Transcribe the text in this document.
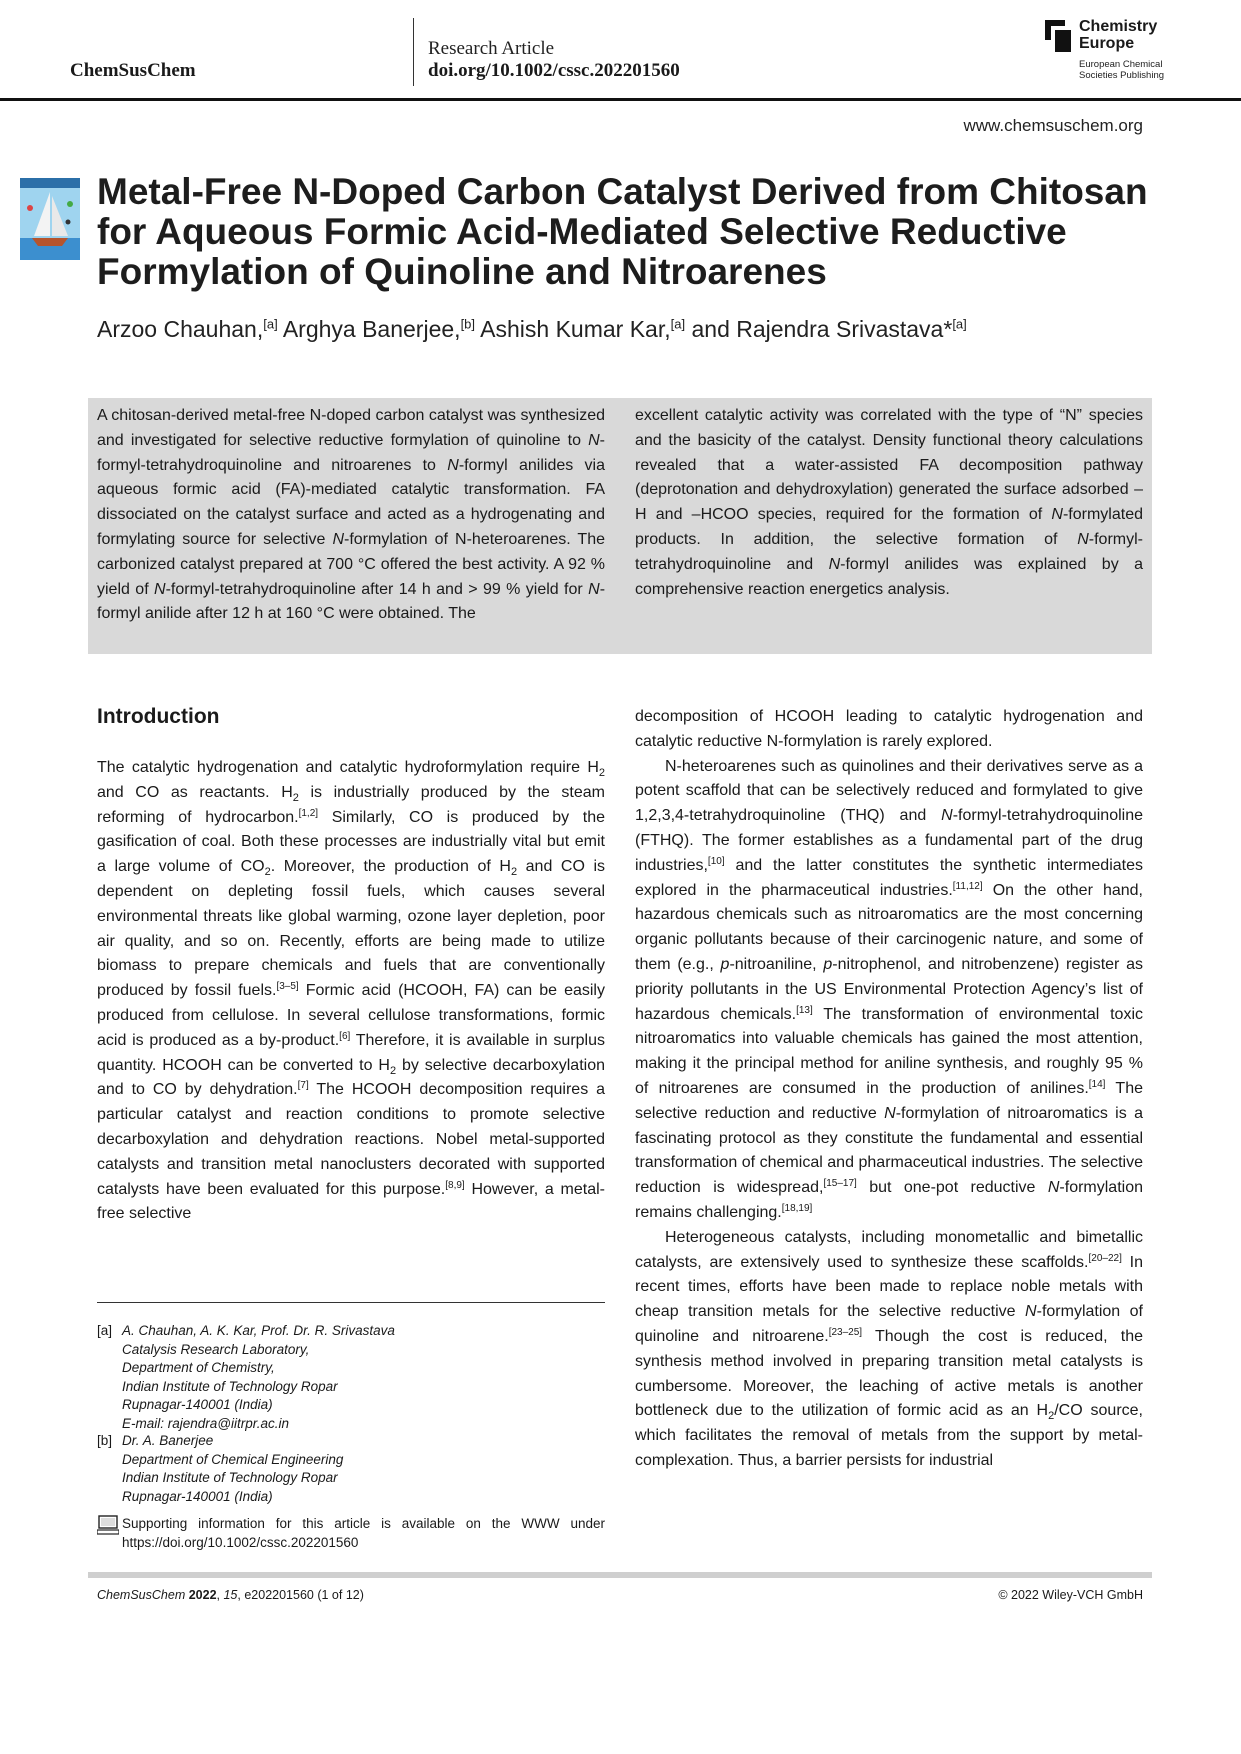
ChemSusChem
Research Article
doi.org/10.1002/cssc.202201560
Chemistry
Europe
European Chemical
Societies Publishing
www.chemsuschem.org
Metal-Free N-Doped Carbon Catalyst Derived from Chitosan for Aqueous Formic Acid-Mediated Selective Reductive Formylation of Quinoline and Nitroarenes
Arzoo Chauhan,[a] Arghya Banerjee,[b] Ashish Kumar Kar,[a] and Rajendra Srivastava*[a]
A chitosan-derived metal-free N-doped carbon catalyst was synthesized and investigated for selective reductive formylation of quinoline to N-formyl-tetrahydroquinoline and nitroarenes to N-formyl anilides via aqueous formic acid (FA)-mediated catalytic transformation. FA dissociated on the catalyst surface and acted as a hydrogenating and formylating source for selective N-formylation of N-heteroarenes. The carbonized catalyst prepared at 700 °C offered the best activity. A 92 % yield of N-formyl-tetrahydroquinoline after 14 h and > 99 % yield for N-formyl anilide after 12 h at 160 °C were obtained. The
excellent catalytic activity was correlated with the type of “N” species and the basicity of the catalyst. Density functional theory calculations revealed that a water-assisted FA decomposition pathway (deprotonation and dehydroxylation) generated the surface adsorbed –H and –HCOO species, required for the formation of N-formylated products. In addition, the selective formation of N-formyl-tetrahydroquinoline and N-formyl anilides was explained by a comprehensive reaction energetics analysis.
Introduction

The catalytic hydrogenation and catalytic hydroformylation require $H_2$ and CO as reactants. $H_2$ is industrially produced by the steam reforming of hydrocarbon.[1,2] Similarly, CO is produced by the gasification of coal. Both these processes are industrially vital but emit a large volume of $CO_2$. Moreover, the production of $H_2$ and CO is dependent on depleting fossil fuels, which causes several environmental threats like global warming, ozone layer depletion, poor air quality, and so on. Recently, efforts are being made to utilize biomass to prepare chemicals and fuels that are conventionally produced by fossil fuels.[3–5] Formic acid (HCOOH, FA) can be easily produced from cellulose. In several cellulose transformations, formic acid is produced as a by-product.[6] Therefore, it is available in surplus quantity. HCOOH can be converted to $H_2$ by selective decarboxylation and to CO by dehydration.[7] The HCOOH decomposition requires a particular catalyst and reaction conditions to promote selective decarboxylation and dehydration reactions. Nobel metal-supported catalysts and transition metal nanoclusters decorated with supported catalysts have been evaluated for this purpose.[8,9] However, a metal-free selective

decomposition of HCOOH leading to catalytic hydrogenation and catalytic reductive N-formylation is rarely explored.

N-heteroarenes such as quinolines and their derivatives serve as a potent scaffold that can be selectively reduced and formylated to give 1,2,3,4-tetrahydroquinoline (THQ) and N-formyl-tetrahydroquinoline (FTHQ). The former establishes as a fundamental part of the drug industries,[10] and the latter constitutes the synthetic intermediates explored in the pharmaceutical industries.[11,12] On the other hand, hazardous chemicals such as nitroaromatics are the most concerning organic pollutants because of their carcinogenic nature, and some of them (e.g., p-nitroaniline, p-nitrophenol, and nitrobenzene) register as priority pollutants in the US Environmental Protection Agency’s list of hazardous chemicals.[13] The transformation of environmental toxic nitroaromatics into valuable chemicals has gained the most attention, making it the principal method for aniline synthesis, and roughly 95 % of nitroarenes are consumed in the production of anilines.[14] The selective reduction and reductive N-formylation of nitroaromatics is a fascinating protocol as they constitute the fundamental and essential transformation of chemical and pharmaceutical industries. The selective reduction is widespread,[15–17] but one-pot reductive N-formylation remains challenging.[18,19]

Heterogeneous catalysts, including monometallic and bimetallic catalysts, are extensively used to synthesize these scaffolds.[20–22] In recent times, efforts have been made to replace noble metals with cheap transition metals for the selective reductive N-formylation of quinoline and nitroarene.[23–25] Though the cost is reduced, the synthesis method involved in preparing transition metal catalysts is cumbersome. Moreover, the leaching of active metals is another bottleneck due to the utilization of formic acid as an $H_2/CO$ source, which facilitates the removal of metals from the support by metal-complexation. Thus, a barrier persists for industrial

[a] A. Chauhan, A. K. Kar, Prof. Dr. R. Srivastava
Catalysis Research Laboratory,
Department of Chemistry,
Indian Institute of Technology Ropar
Rupnagar-140001 (India)
E-mail: rajendra@iitrpr.ac.in
[b] Dr. A. Banerjee
Department of Chemical Engineering
Indian Institute of Technology Ropar
Rupnagar-140001 (India)
Supporting information for this article is available on the WWW under https://doi.org/10.1002/cssc.202201560
ChemSusChem 2022, 15, e202201560 (1 of 12)	© 2022 Wiley-VCH GmbH
